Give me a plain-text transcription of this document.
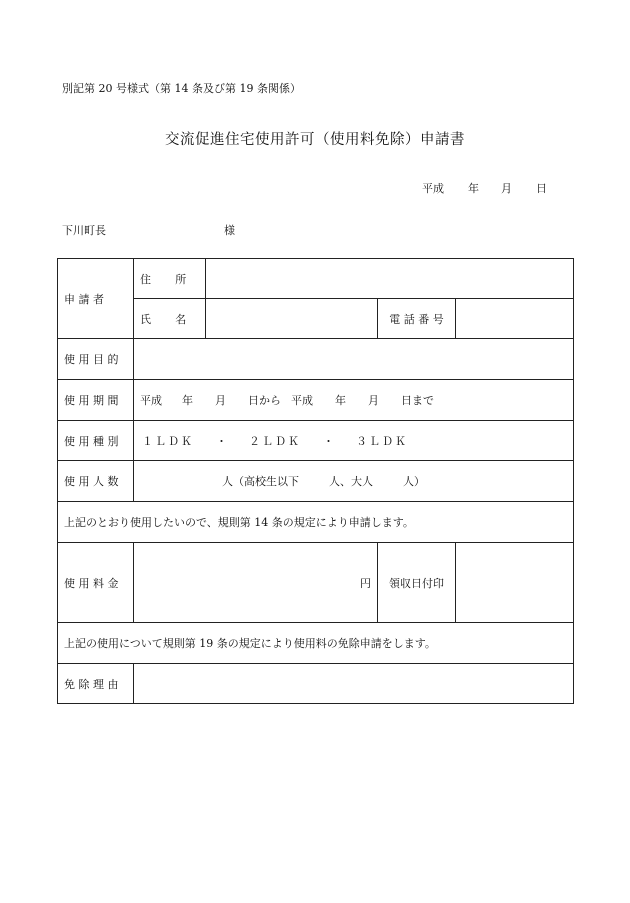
別記第 20 号様式（第 14 条及び第 19 条関係）
交流促進住宅使用許可（使用料免除）申請書
平成 年 月 日
下川町長	様
申 請 者	住　所			
	氏　名		電 話 番 号	
使 用 目 的				
使 用 期 間	平成 年 月 日から 平成 年 月 日まで			
使 用 種 別	１ＬＤＫ ・ ２ＬＤＫ ・ ３ＬＤＫ			
使 用 人 数	人（高校生以下 人、大人 人）			
上記のとおり使用したいので、規則第 14 条の規定により申請します。				
使 用 料 金	円		領収日付印	
上記の使用について規則第 19 条の規定により使用料の免除申請をします。				
免 除 理 由				
